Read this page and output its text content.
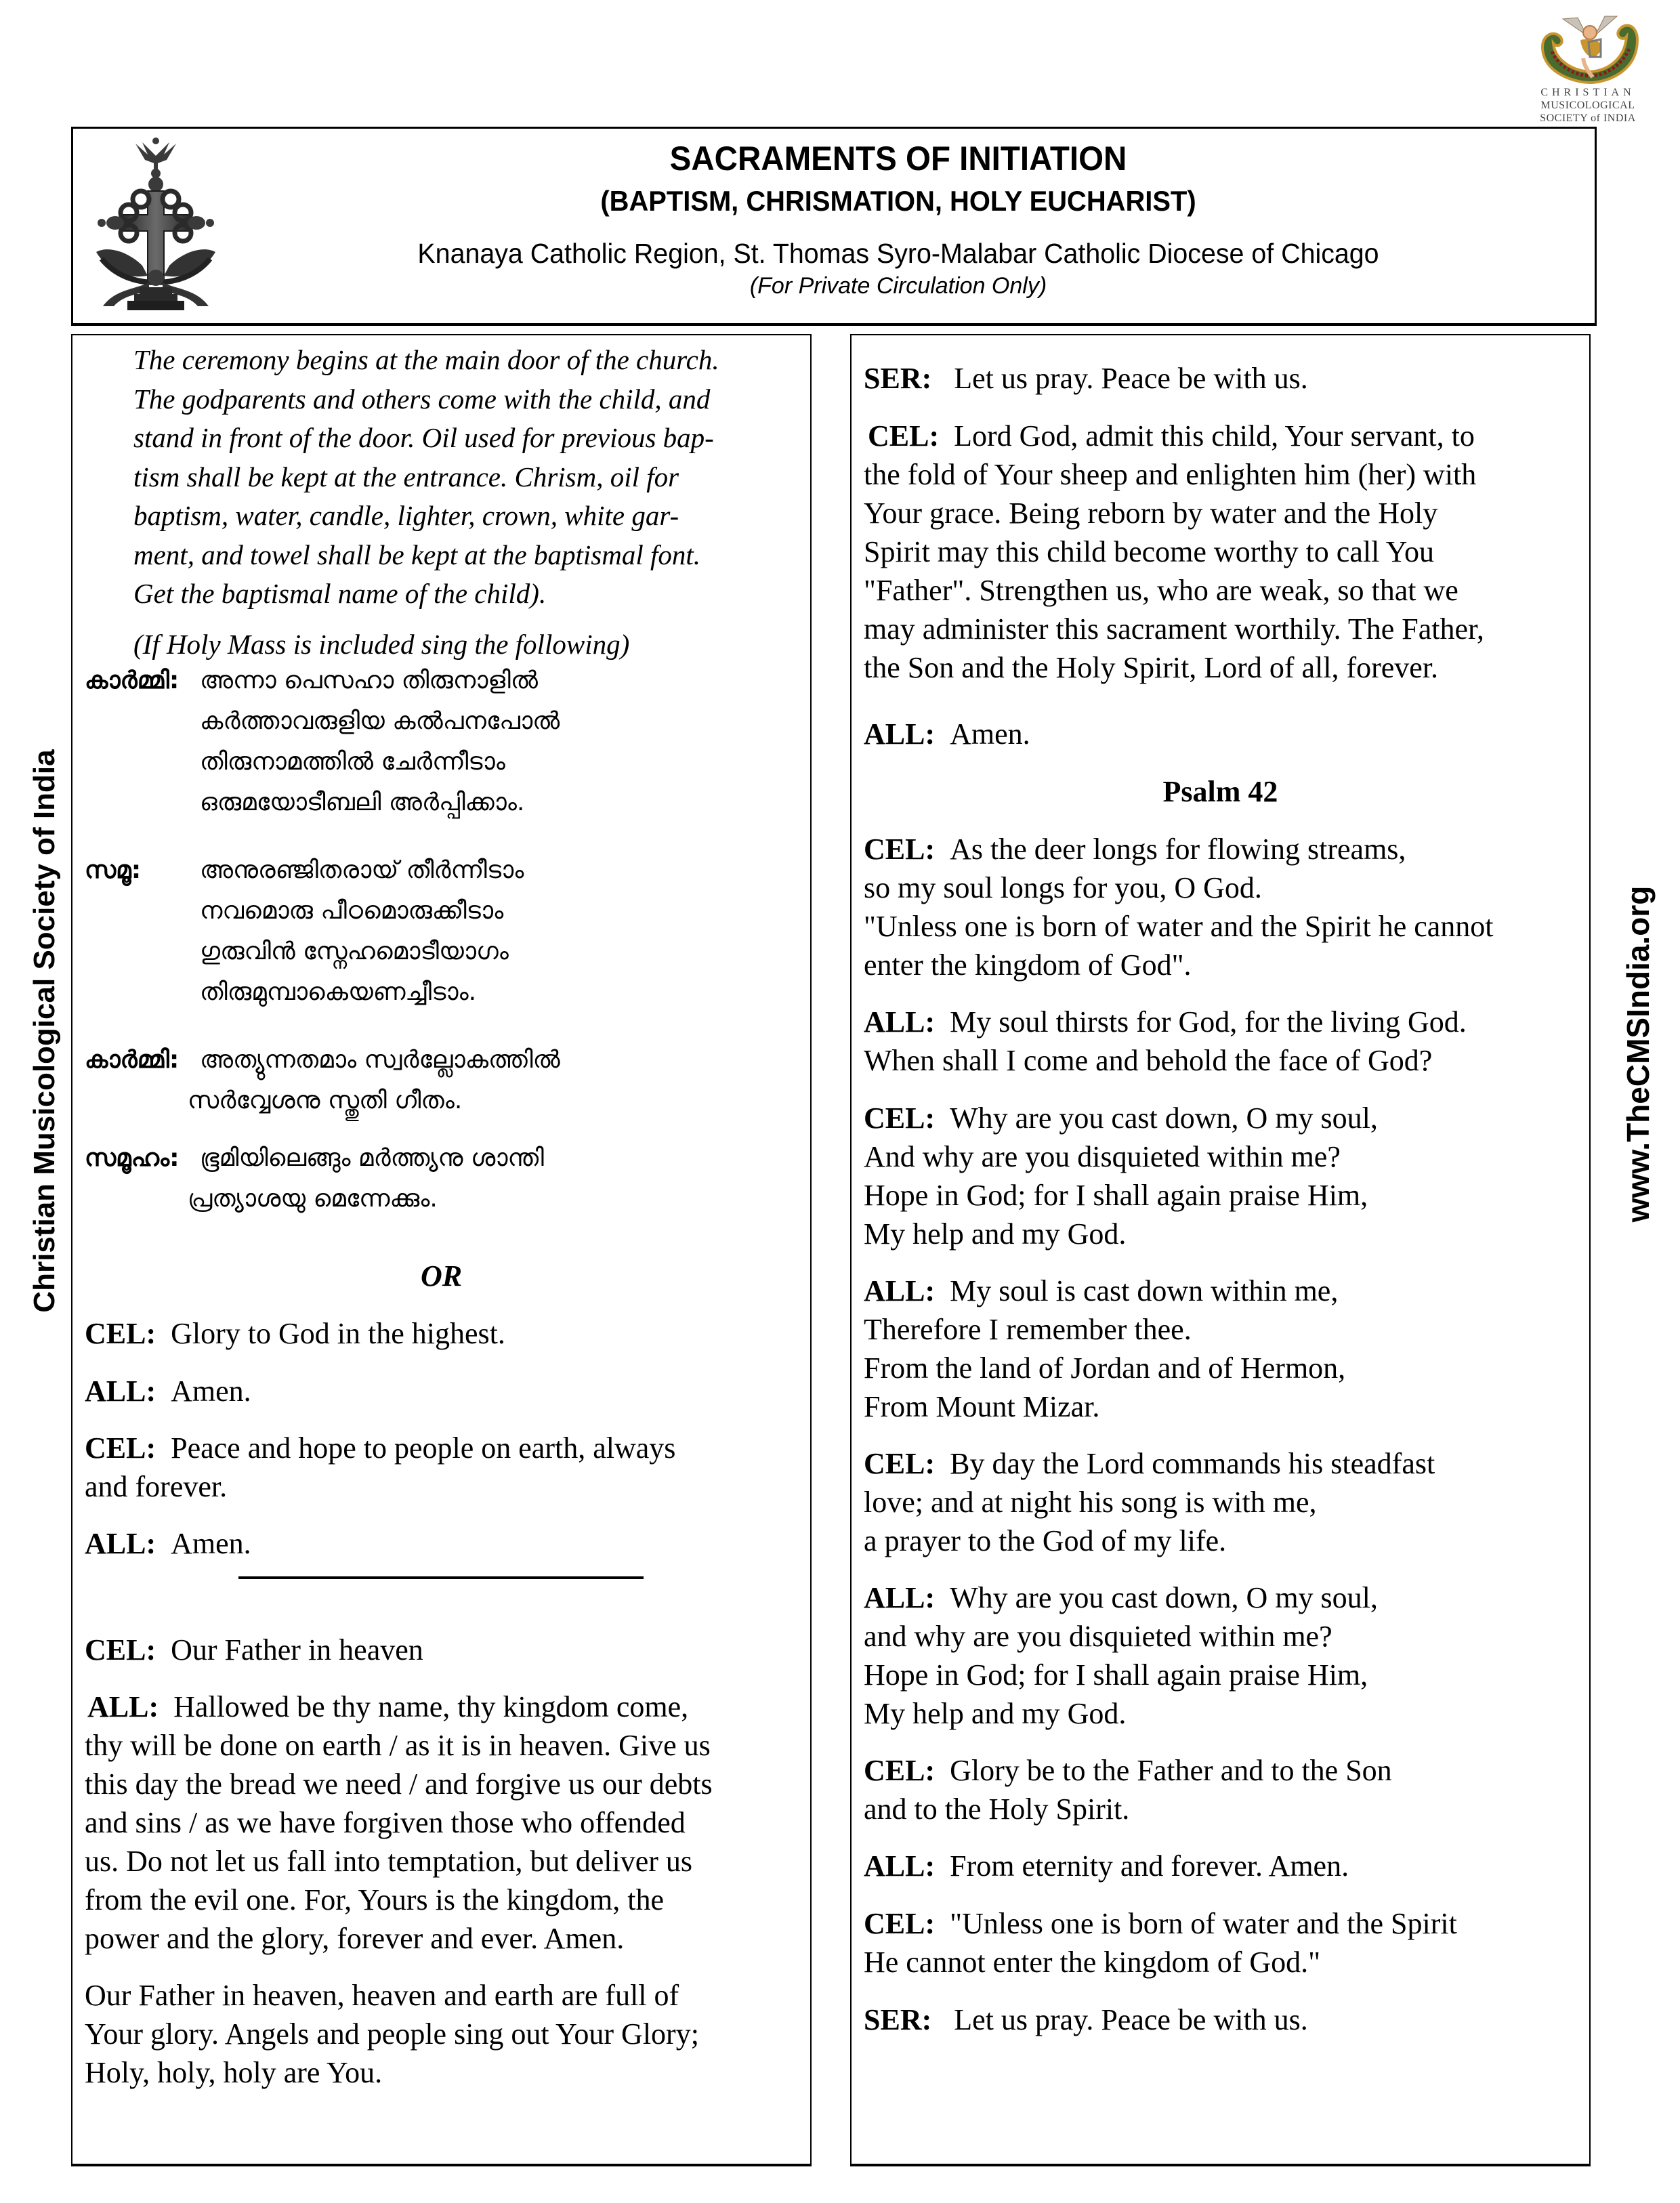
CHRISTIAN
MUSICOLOGICAL
SOCIETY of INDIA
SACRAMENTS OF INITIATION
(BAPTISM, CHRISMATION, HOLY EUCHARIST)
Knanaya Catholic Region, St. Thomas Syro-Malabar Catholic Diocese of Chicago
(For Private Circulation Only)
Christian Musicological Society of India	www.TheCMSIndia.org
The ceremony begins at the main door of the church.
The godparents and others come with the child, and
stand in front of the door. Oil used for previous bap-
tism shall be kept at the entrance. Chrism, oil for
baptism, water, candle, lighter, crown, white gar-
ment, and towel shall be kept at the baptismal font.
Get the baptismal name of the child).
(If Holy Mass is included sing the following)
കാർമ്മി: അന്നാ പെസഹാ തിരുനാളിൽ
കർത്താവരുളിയ കൽപനപോൽ
തിരുനാമത്തിൽ ചേർന്നീടാം
ഒരുമയോടീബലി അർപ്പിക്കാം.
സമൂ: അനുരഞ്ജിതരായ് തീർന്നീടാം
നവമൊരു പീഠമൊരുക്കീടാം
ഗുരുവിൻ സ്നേഹമൊടീയാഗം
തിരുമുമ്പാകെയണച്ചീടാം.
കാർമ്മി: അത്യുന്നതമാം സ്വർല്ലോകത്തിൽ
സർവ്വേശനു സ്തുതി ഗീതം.
സമൂഹം: ഭൂമിയിലെങ്ങും മർത്ത്യനു ശാന്തി
പ്രത്യാശയു മെന്നേക്കും.
OR
CEL: Glory to God in the highest.
ALL: Amen.
CEL: Peace and hope to people on earth, always
and forever.
ALL: Amen.
CEL: Our Father in heaven
ALL: Hallowed be thy name, thy kingdom come,
thy will be done on earth / as it is in heaven. Give us
this day the bread we need / and forgive us our debts
and sins / as we have forgiven those who offended
us. Do not let us fall into temptation, but deliver us
from the evil one. For, Yours is the kingdom, the
power and the glory, forever and ever. Amen.
Our Father in heaven, heaven and earth are full of
Your glory. Angels and people sing out Your Glory;
Holy, holy, holy are You.
SER: Let us pray. Peace be with us.
CEL: Lord God, admit this child, Your servant, to
the fold of Your sheep and enlighten him (her) with
Your grace. Being reborn by water and the Holy
Spirit may this child become worthy to call You
"Father". Strengthen us, who are weak, so that we
may administer this sacrament worthily. The Father,
the Son and the Holy Spirit, Lord of all, forever.
ALL: Amen.
Psalm 42
CEL: As the deer longs for flowing streams,
so my soul longs for you, O God.
"Unless one is born of water and the Spirit he cannot
enter the kingdom of God".
ALL: My soul thirsts for God, for the living God.
When shall I come and behold the face of God?
CEL: Why are you cast down, O my soul,
And why are you disquieted within me?
Hope in God; for I shall again praise Him,
My help and my God.
ALL: My soul is cast down within me,
Therefore I remember thee.
From the land of Jordan and of Hermon,
From Mount Mizar.
CEL: By day the Lord commands his steadfast
love; and at night his song is with me,
a prayer to the God of my life.
ALL: Why are you cast down, O my soul,
and why are you disquieted within me?
Hope in God; for I shall again praise Him,
My help and my God.
CEL: Glory be to the Father and to the Son
and to the Holy Spirit.
ALL: From eternity and forever. Amen.
CEL: "Unless one is born of water and the Spirit
He cannot enter the kingdom of God."
SER: Let us pray. Peace be with us.
